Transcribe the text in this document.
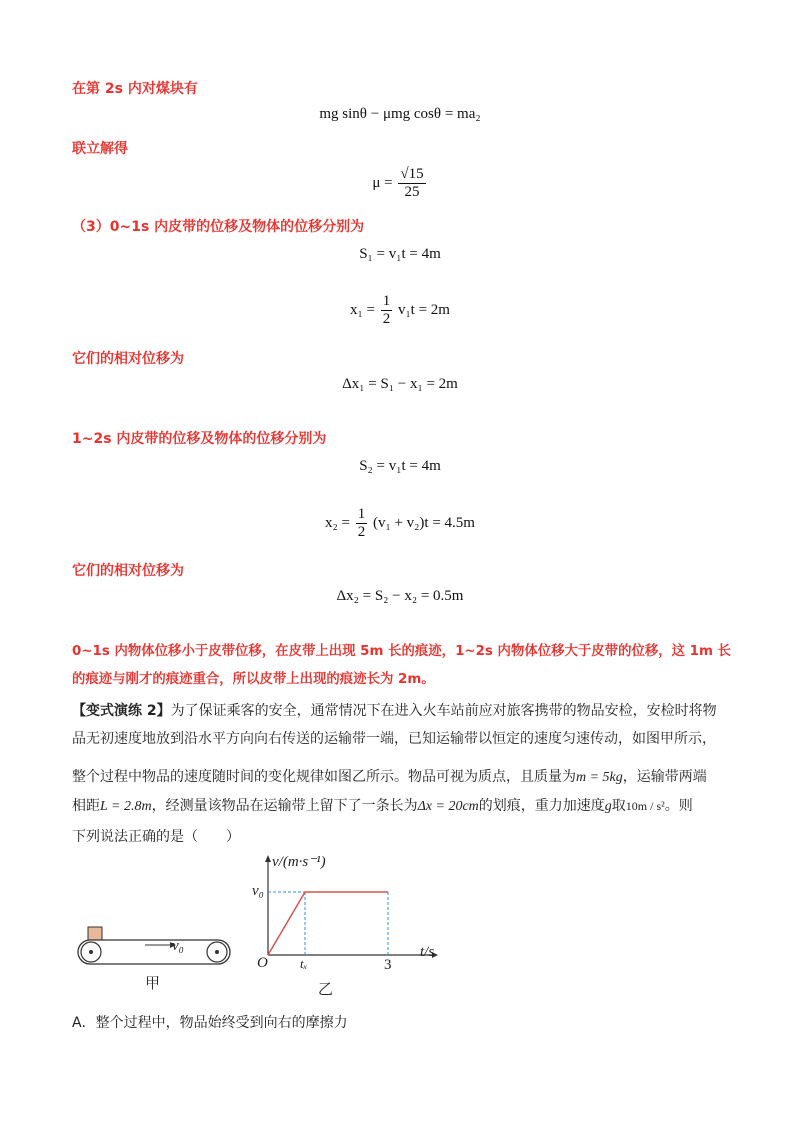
在第 2s 内对煤块有
mg sinθ − μmg cosθ = ma₂
联立解得
$\mu = \frac{√15}{25}$
（3）0~1s 内皮带的位移及物体的位移分别为
S₁ = v₁t = 4m
$x_1 = \frac{1}{2} v_1t = 2m$
它们的相对位移为
Δx₁ = S₁ − x₁ = 2m
1~2s 内皮带的位移及物体的位移分别为
S₂ = v₁t = 4m
$x_2 = \frac{1}{2} (v_1 + v_2)t = 4.5m$
它们的相对位移为
Δx₂ = S₂ − x₂ = 0.5m
0~1s 内物体位移小于皮带位移，在皮带上出现 5m 长的痕迹，1~2s 内物体位移大于皮带的位移，这 1m 长
的痕迹与刚才的痕迹重合，所以皮带上出现的痕迹长为 2m。
【变式演练 2】为了保证乘客的安全，通常情况下在进入火车站前应对旅客携带的物品安检，安检时将物
品无初速度地放到沿水平方向向右传送的运输带一端，已知运输带以恒定的速度匀速传动，如图甲所示，
整个过程中物品的速度随时间的变化规律如图乙所示。物品可视为质点，且质量为m = 5kg，运输带两端
相距L = 2.8m，经测量该物品在运输带上留下了一条长为Δx = 20cm的划痕，重力加速度g取10m / s²。则
下列说法正确的是（　　）
v₀
甲
v/(m·s⁻¹)
v₀
t/s
O tₓ	3
乙
A．整个过程中，物品始终受到向右的摩擦力
